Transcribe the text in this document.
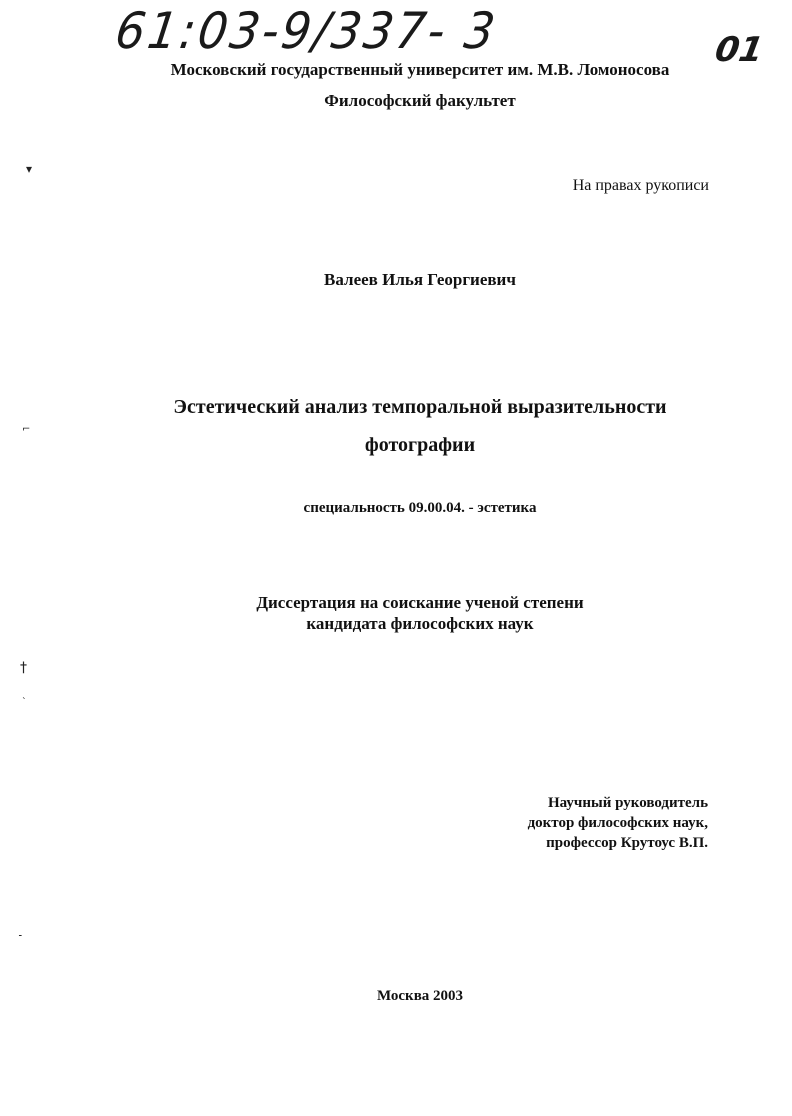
61:03-9/337- 3	01
Московский государственный университет им. М.В. Ломоносова
Философский факультет
На правах рукописи
Валеев Илья Георгиевич
Эстетический анализ темпоральной выразительности
фотографии
специальность 09.00.04. - эстетика
Диссертация на соискание ученой степени
кандидата философских наук
Научный руководитель
доктор философских наук,
профессор Крутоус В.П.
Москва 2003
▾
⌐
†
ˎ
⁃
